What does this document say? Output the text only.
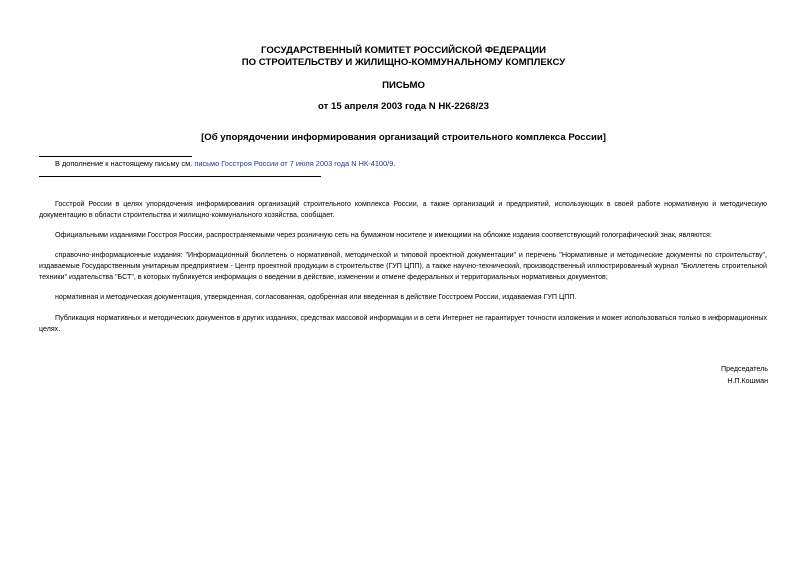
ГОСУДАРСТВЕННЫЙ КОМИТЕТ РОССИЙСКОЙ ФЕДЕРАЦИИ
ПО СТРОИТЕЛЬСТВУ И ЖИЛИЩНО-КОММУНАЛЬНОМУ КОМПЛЕКСУ
ПИСЬМО
от 15 апреля 2003 года N НК-2268/23
[Об упорядочении информирования организаций строительного комплекса России]
В дополнение к настоящему письму см. письмо Госстроя России от 7 июля 2003 года N НК-4100/9.
Госстрой России в целях упорядочения информирования организаций строительного комплекса России, а также организаций и предприятий, использующих в своей работе нормативную и методическую документацию в области строительства и жилищно-коммунального хозяйства, сообщает.
Официальными изданиями Госстроя России, распространяемыми через розничную сеть на бумажном носителе и имеющими на обложке издания соответствующий голографический знак, являются:
справочно-информационные издания: "Информационный бюллетень о нормативной, методической и типовой проектной документации" и перечень "Нормативные и методические документы по строительству", издаваемые Государственным унитарным предприятием - Центр проектной продукции в строительстве (ГУП ЦПП), а также научно-технический, производственный иллюстрированный журнал "Бюллетень строительной техники" издательства "БСТ", в которых публикуется информация о введении в действие, изменении и отмене федеральных и территориальных нормативных документов;
нормативная и методическая документация, утвержденная, согласованная, одобренная или введенная в действие Госстроем России, издаваемая ГУП ЦПП.
Публикация нормативных и методических документов в других изданиях, средствах массовой информации и в сети Интернет не гарантирует точности изложения и может использоваться только в информационных целях.
Председатель
Н.П.Кошман
